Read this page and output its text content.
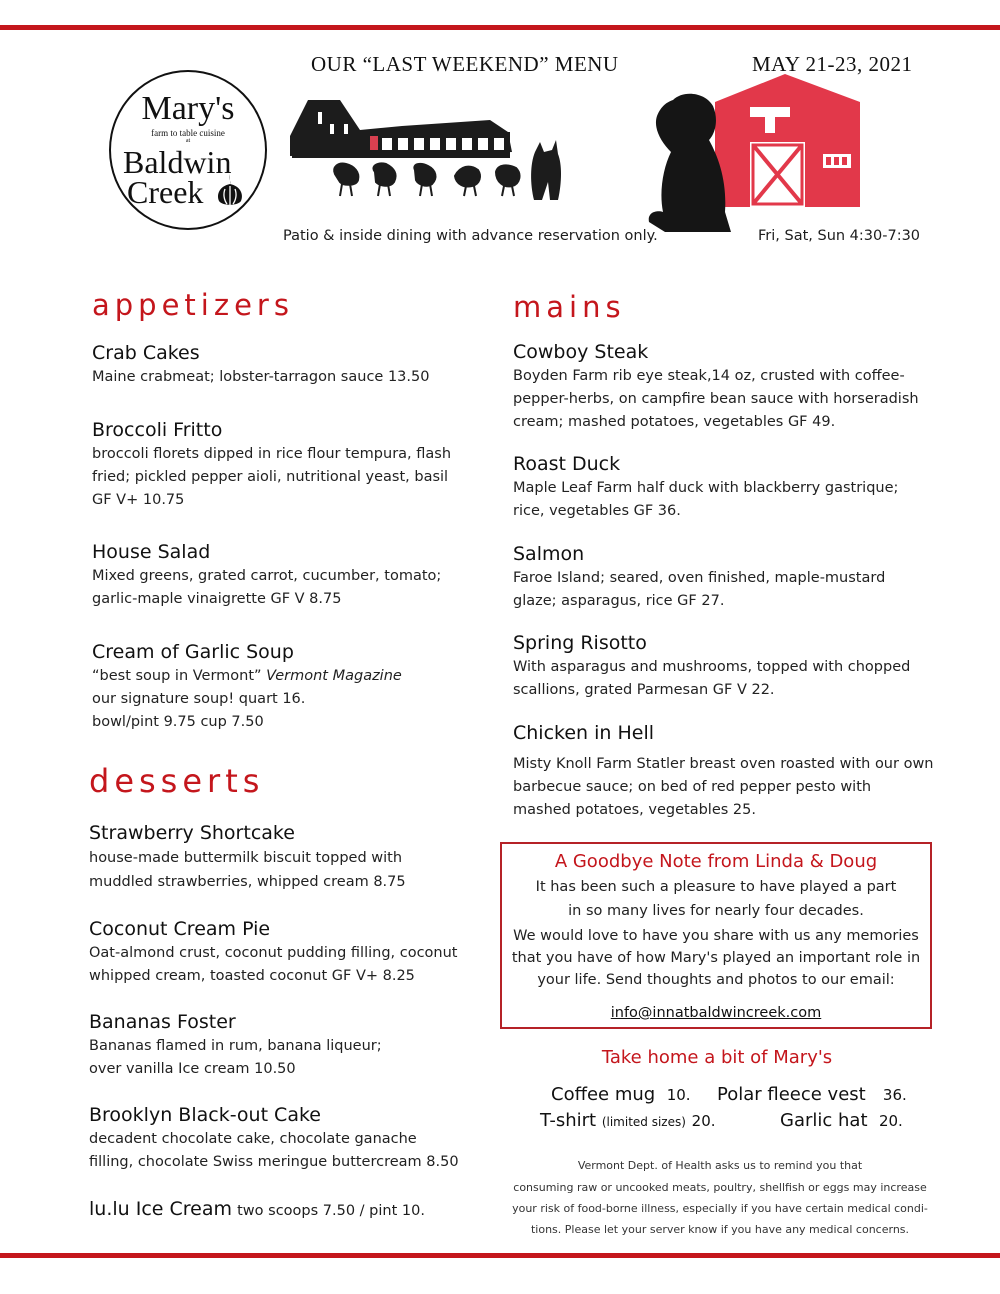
OUR “LAST WEEKEND” MENU	MAY 21-23, 2021
Mary's
farm to table cuisine
at
Baldwin
Creek
Patio & inside dining with advance reservation only.	Fri, Sat, Sun 4:30-7:30
appetizers
Crab Cakes
Maine crabmeat; lobster-tarragon sauce 13.50
Broccoli Fritto
broccoli florets dipped in rice flour tempura, flash
fried; pickled pepper aioli, nutritional yeast, basil
GF V+ 10.75
House Salad
Mixed greens, grated carrot, cucumber, tomato;
garlic-maple vinaigrette GF V 8.75
Cream of Garlic Soup
“best soup in Vermont” Vermont Magazine
our signature soup! quart 16.
bowl/pint 9.75 cup 7.50
desserts
Strawberry Shortcake
house-made buttermilk biscuit topped with
muddled strawberries, whipped cream 8.75
Coconut Cream Pie
Oat-almond crust, coconut pudding filling, coconut
whipped cream, toasted coconut GF V+ 8.25
Bananas Foster
Bananas flamed in rum, banana liqueur;
over vanilla Ice cream 10.50
Brooklyn Black-out Cake
decadent chocolate cake, chocolate ganache
filling, chocolate Swiss meringue buttercream 8.50
lu.lu Ice Cream two scoops 7.50 / pint 10.
mains
Cowboy Steak
Boyden Farm rib eye steak,14 oz, crusted with coffee-
pepper-herbs, on campfire bean sauce with horseradish
cream; mashed potatoes, vegetables GF 49.
Roast Duck
Maple Leaf Farm half duck with blackberry gastrique;
rice, vegetables GF 36.
Salmon
Faroe Island; seared, oven finished, maple-mustard
glaze; asparagus, rice GF 27.
Spring Risotto
With asparagus and mushrooms, topped with chopped
scallions, grated Parmesan GF V 22.
Chicken in Hell
Misty Knoll Farm Statler breast oven roasted with our own
barbecue sauce; on bed of red pepper pesto with
mashed potatoes, vegetables 25.
A Goodbye Note from Linda & Doug
It has been such a pleasure to have played a part
in so many lives for nearly four decades.
We would love to have you share with us any memories
that you have of how Mary's played an important role in
your life. Send thoughts and photos to our email:
info@innatbaldwincreek.com
Take home a bit of Mary's
Coffee mug 10. Polar fleece vest 36.
T-shirt (limited sizes) 20.	Garlic hat 20.
Vermont Dept. of Health asks us to remind you that
consuming raw or uncooked meats, poultry, shellfish or eggs may increase
your risk of food-borne illness, especially if you have certain medical condi-
tions. Please let your server know if you have any medical concerns.
